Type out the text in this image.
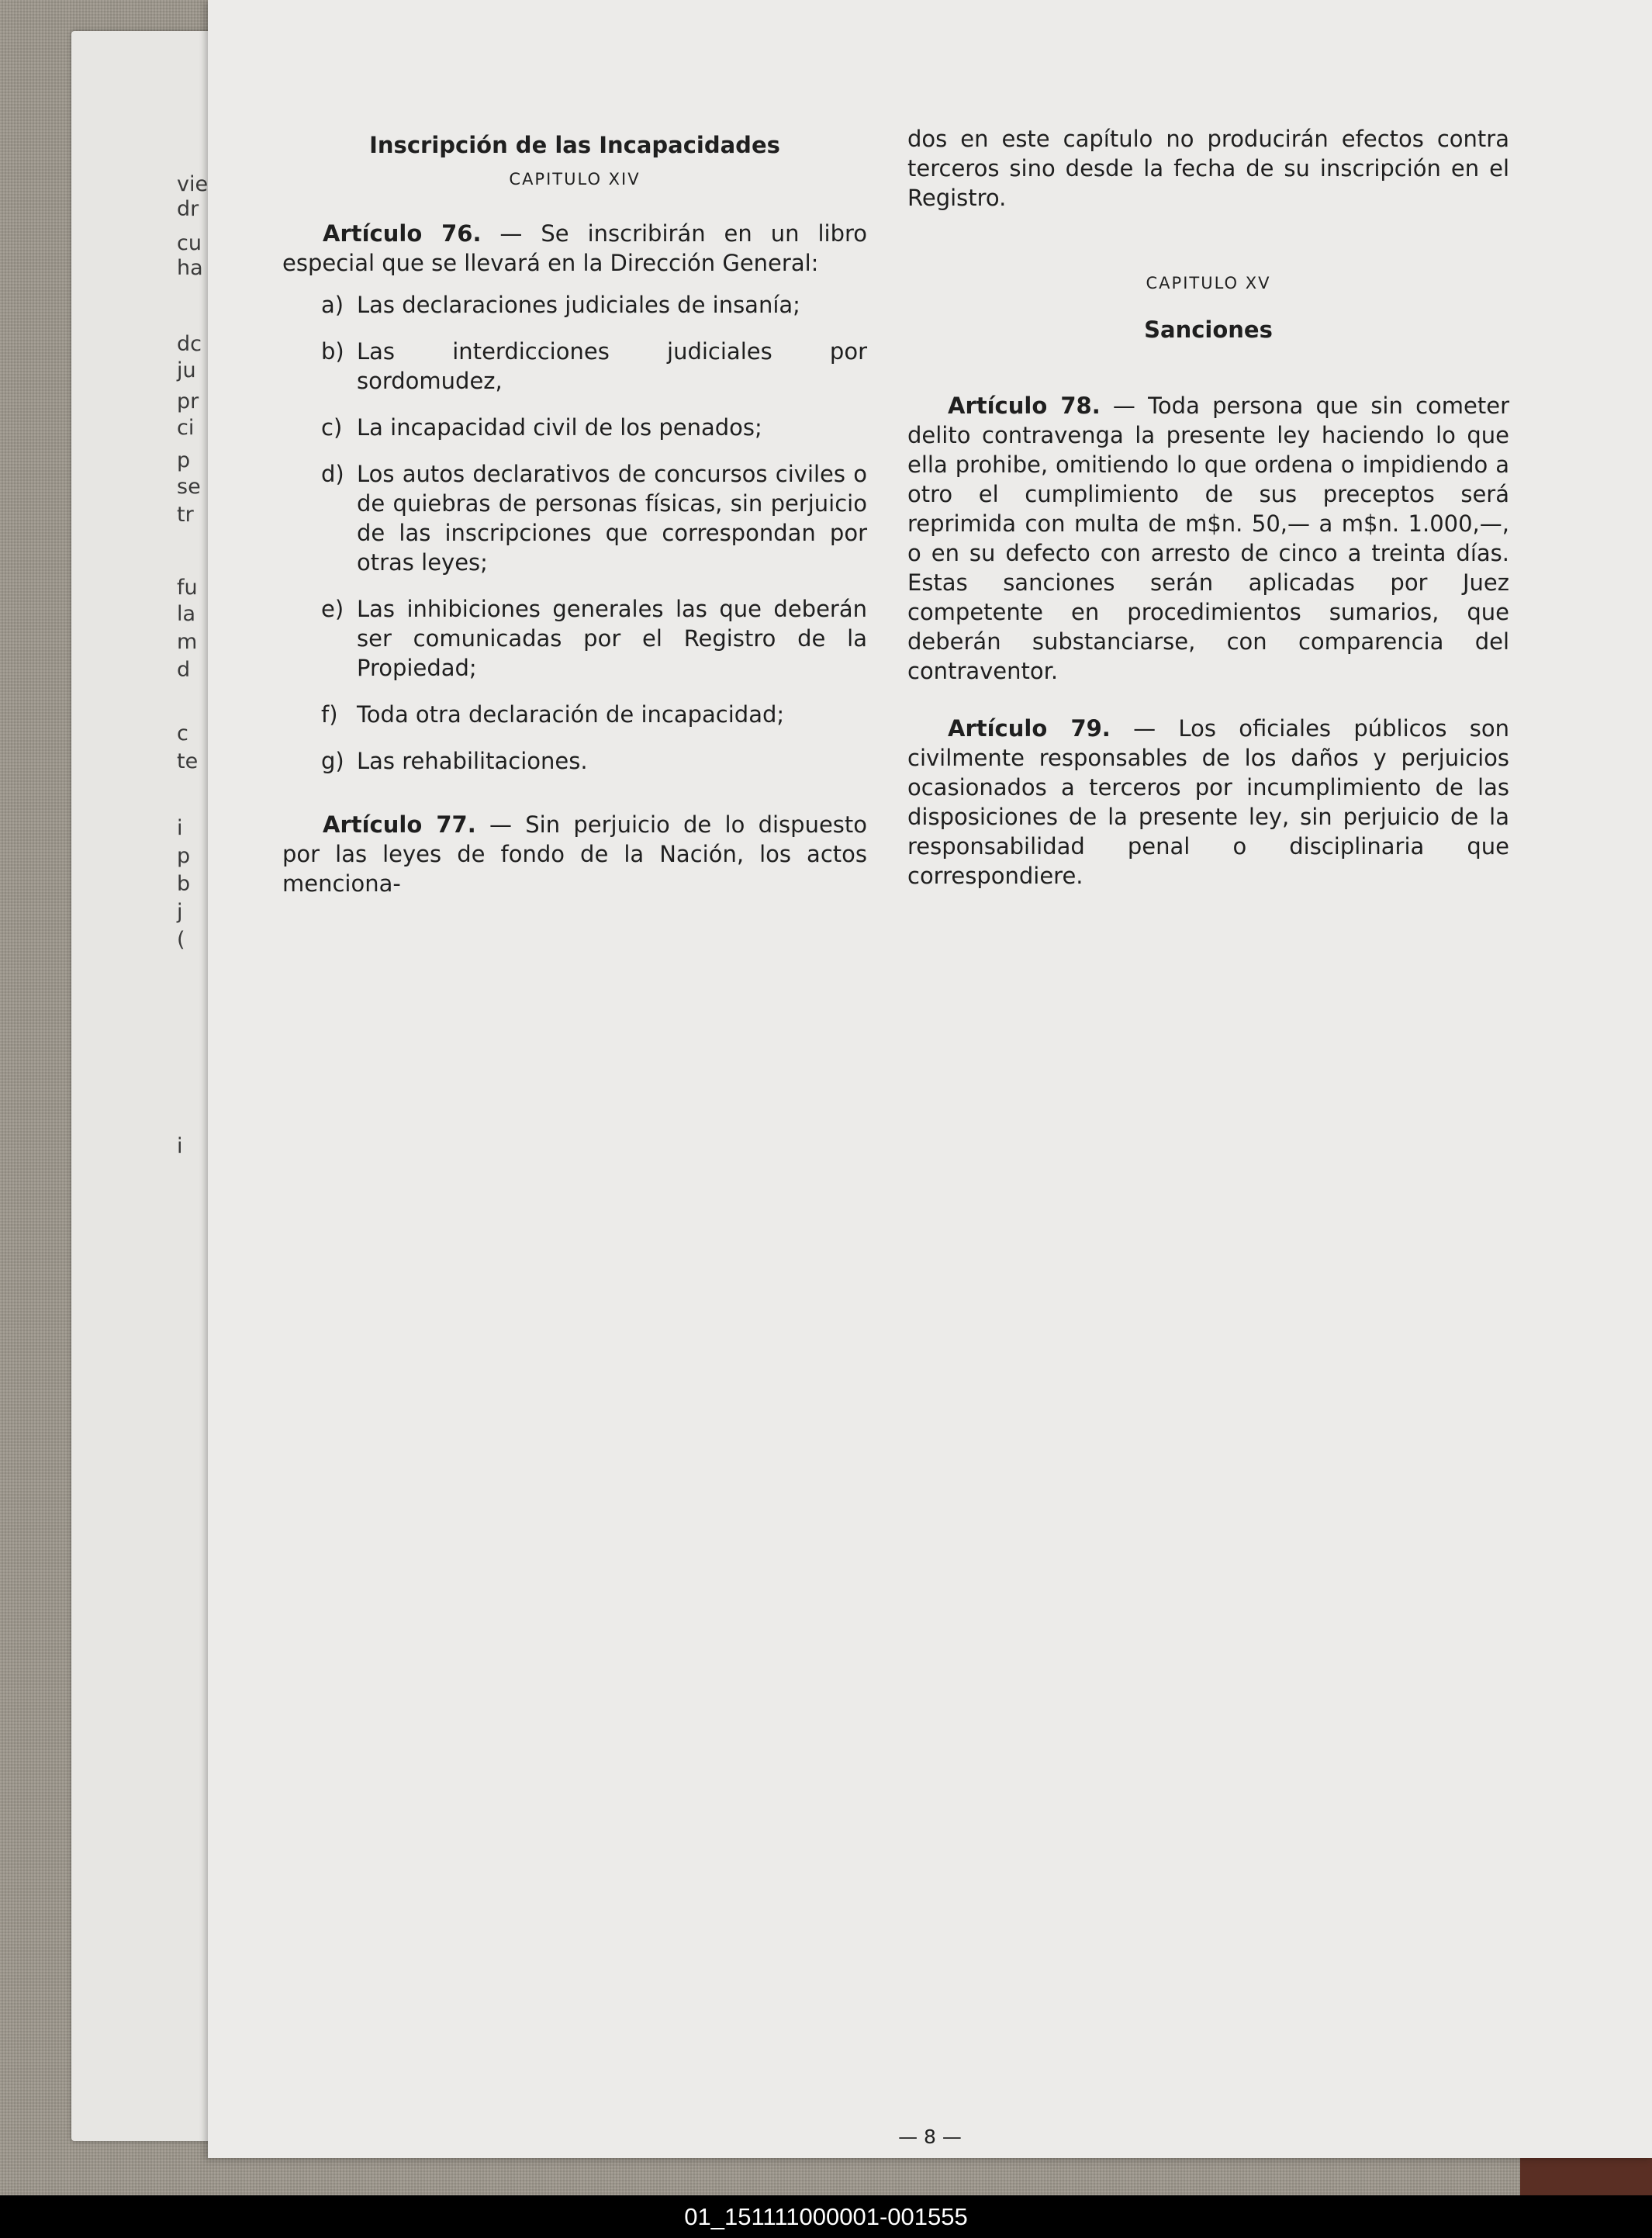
vie
dr
cu
ha
dc
ju
pr
ci
p
se
tr
fu
la
m
d
c
te
i
p
b
j
(
i
Inscripción de las Incapacidades
CAPITULO XIV

Artículo 76. — Se inscribirán en un libro especial que se llevará en la Dirección General:

a) Las declaraciones judiciales de insanía;

b) Las interdicciones judiciales por sordomudez,

c) La incapacidad civil de los penados;

d) Los autos declarativos de concursos civiles o de quiebras de personas físicas, sin perjuicio de las inscripciones que correspondan por otras leyes;

e) Las inhibiciones generales las que deberán ser comunicadas por el Registro de la Propiedad;

f) Toda otra declaración de incapacidad;

g) Las rehabilitaciones.

Artículo 77. — Sin perjuicio de lo dispuesto por las leyes de fondo de la Nación, los actos menciona-

dos en este capítulo no producirán efectos contra terceros sino desde la fecha de su inscripción en el Registro.

CAPITULO XV
Sanciones

Artículo 78. — Toda persona que sin cometer delito contravenga la presente ley haciendo lo que ella prohibe, omitiendo lo que ordena o impidiendo a otro el cumplimiento de sus preceptos será reprimida con multa de m$n. 50,— a m$n. 1.000,—, o en su defecto con arresto de cinco a treinta días. Estas sanciones serán aplicadas por Juez competente en procedimientos sumarios, que deberán substanciarse, con comparencia del contraventor.

Artículo 79. — Los oficiales públicos son civilmente responsables de los daños y perjuicios ocasionados a terceros por incumplimiento de las disposiciones de la presente ley, sin perjuicio de la responsabilidad penal o disciplinaria que correspondiere.

— 8 —
01_151111000001-001555
